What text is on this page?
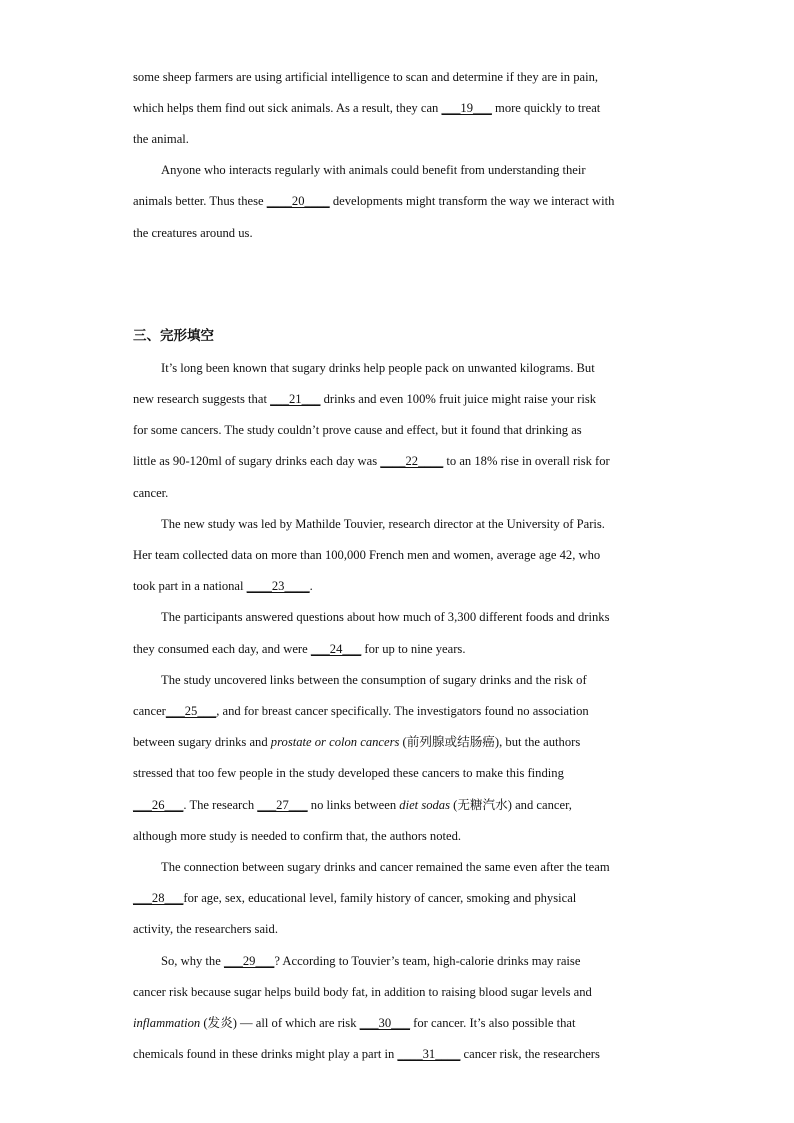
some sheep farmers are using artificial intelligence to scan and determine if they are in pain,
which helps them find out sick animals. As a result, they can ___19___ more quickly to treat
the animal.
Anyone who interacts regularly with animals could benefit from understanding their
animals better. Thus these ____20____ developments might transform the way we interact with
the creatures around us.
三、完形填空
It’s long been known that sugary drinks help people pack on unwanted kilograms. But
new research suggests that ___21___ drinks and even 100% fruit juice might raise your risk
for some cancers. The study couldn’t prove cause and effect, but it found that drinking as
little as 90-120ml of sugary drinks each day was ____22____ to an 18% rise in overall risk for
cancer.
The new study was led by Mathilde Touvier, research director at the University of Paris.
Her team collected data on more than 100,000 French men and women, average age 42, who
took part in a national ____23____.
The participants answered questions about how much of 3,300 different foods and drinks
they consumed each day, and were ___24___ for up to nine years.
The study uncovered links between the consumption of sugary drinks and the risk of
cancer___25___, and for breast cancer specifically. The investigators found no association
between sugary drinks and prostate or colon cancers (前列腺或结肠癌), but the authors
stressed that too few people in the study developed these cancers to make this finding
___26___. The research ___27___ no links between diet sodas (无糖汽水) and cancer,
although more study is needed to confirm that, the authors noted.
The connection between sugary drinks and cancer remained the same even after the team
___28___for age, sex, educational level, family history of cancer, smoking and physical
activity, the researchers said.
So, why the ___29___? According to Touvier’s team, high-calorie drinks may raise
cancer risk because sugar helps build body fat, in addition to raising blood sugar levels and
inflammation (发炎) — all of which are risk ___30___ for cancer. It’s also possible that
chemicals found in these drinks might play a part in ____31____ cancer risk, the researchers
